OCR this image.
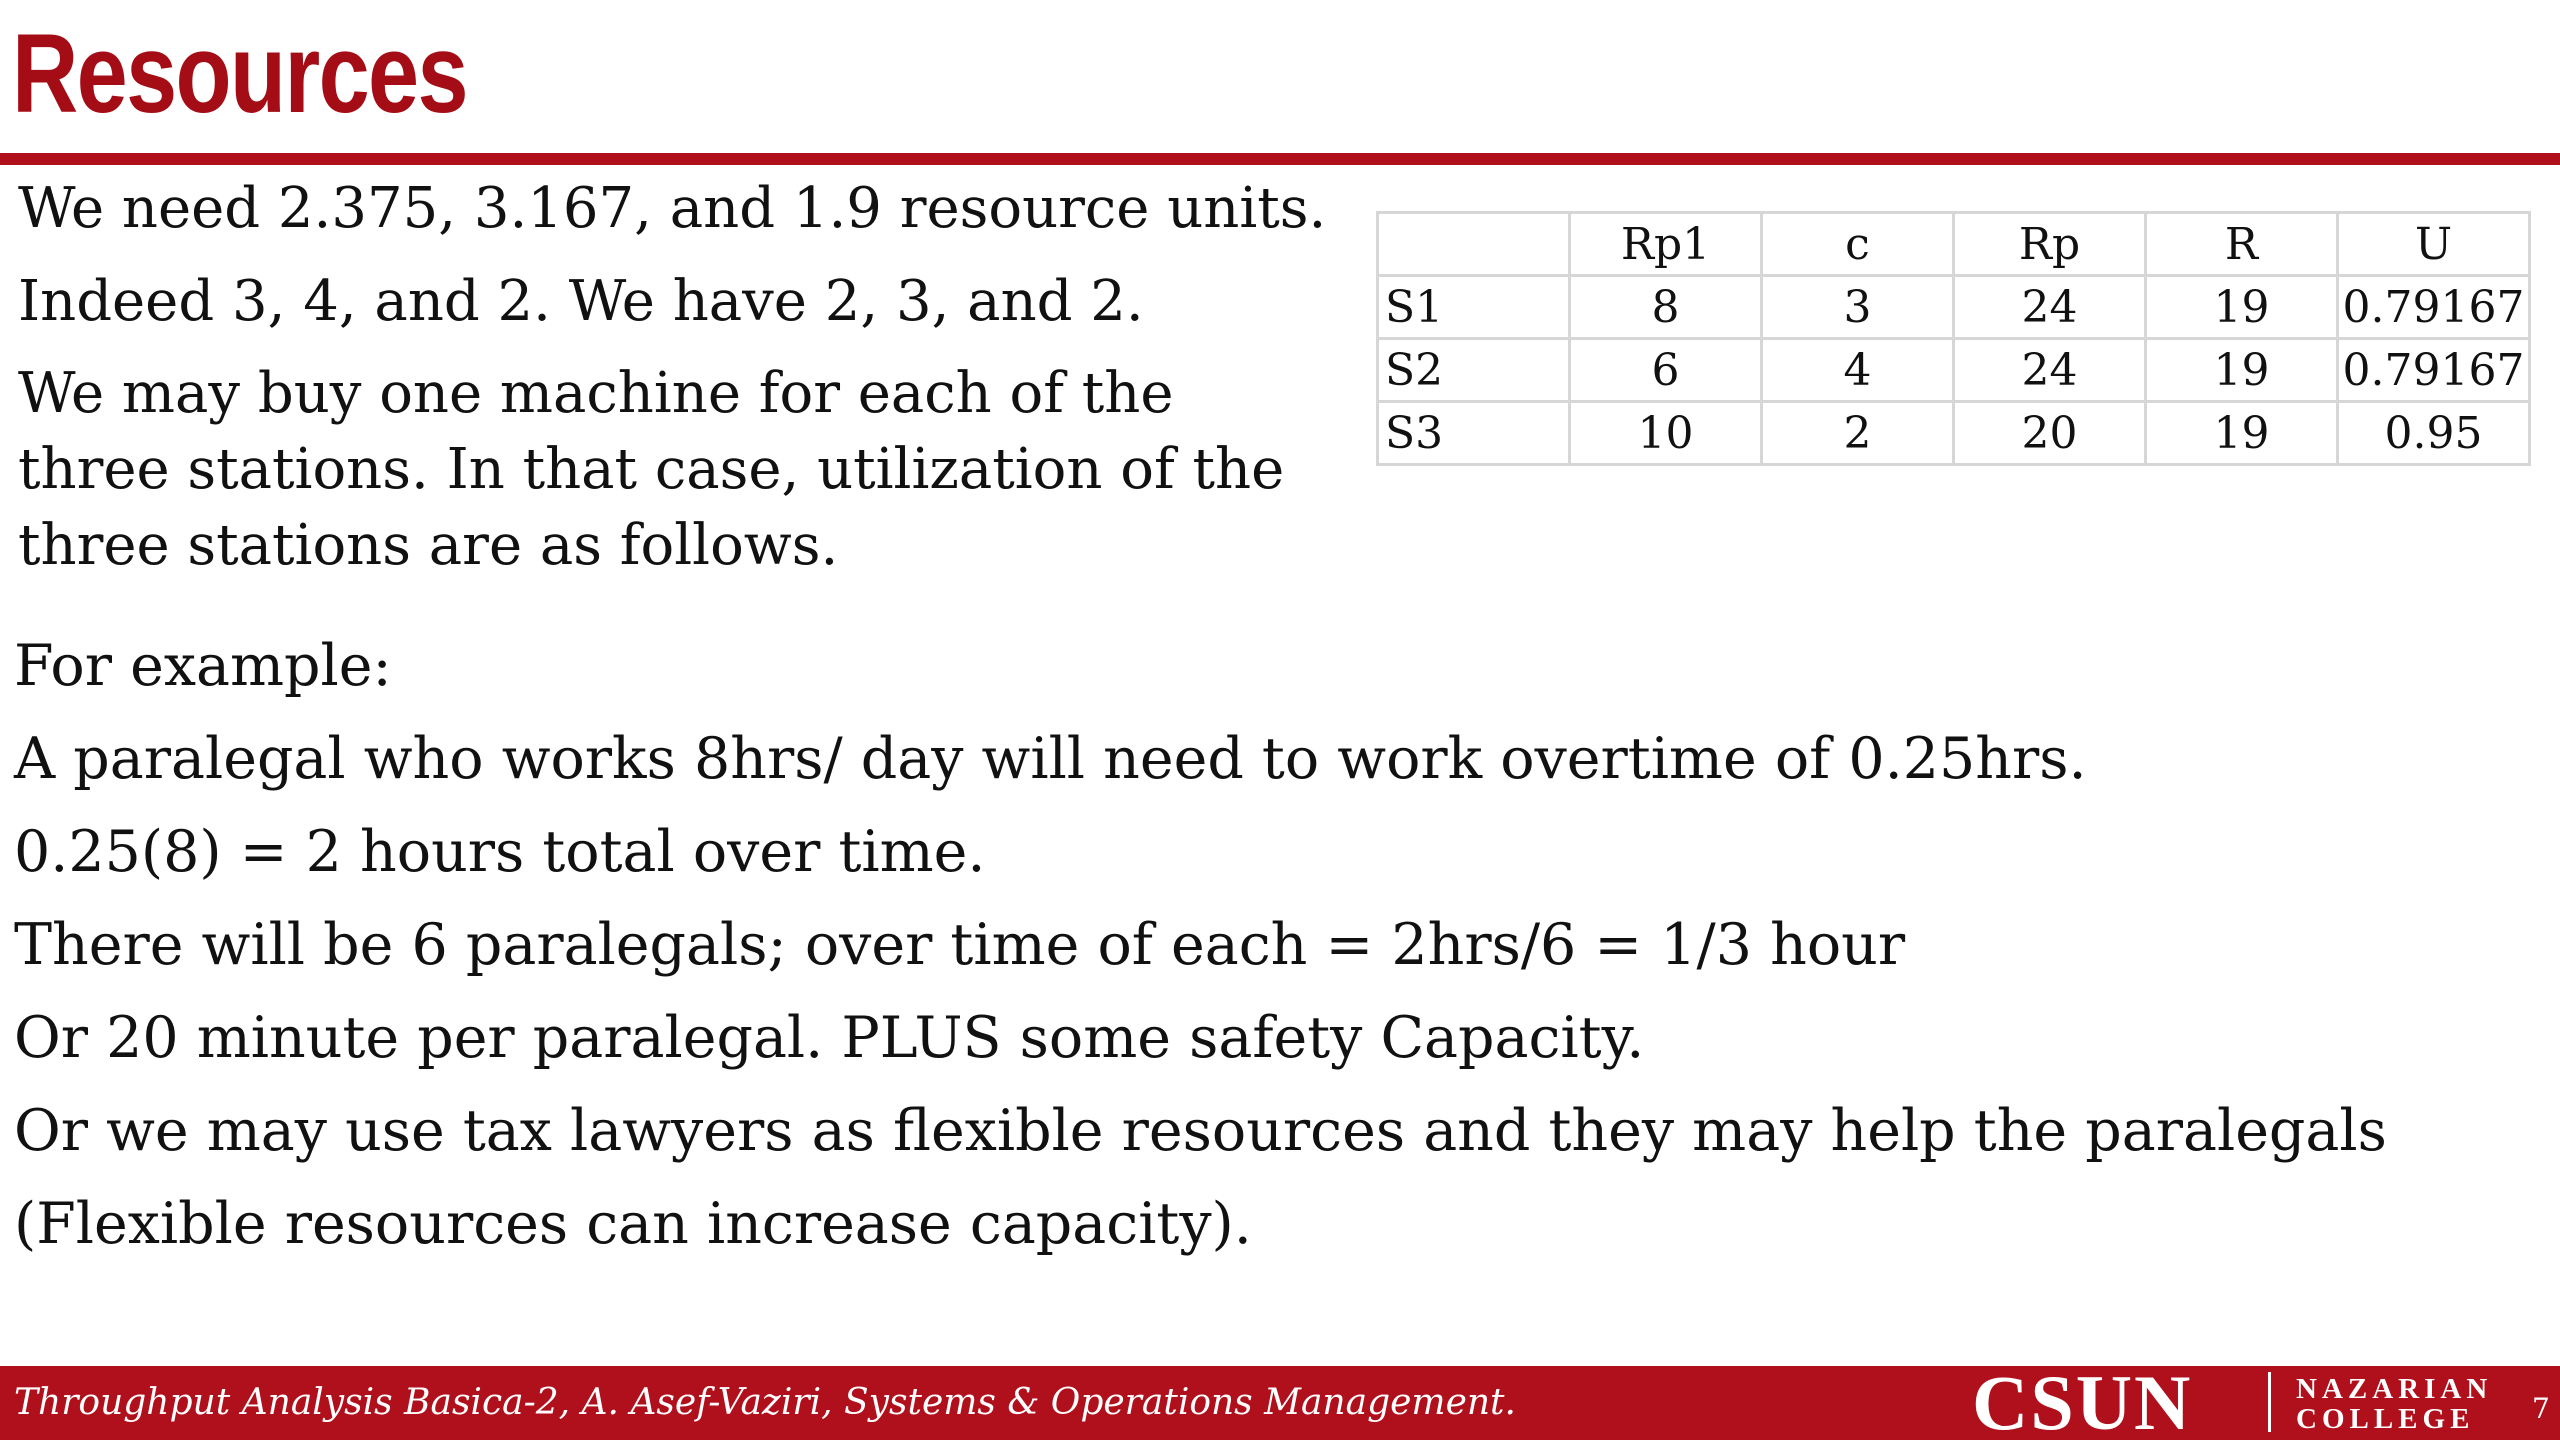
Resources

We need 2.375, 3.167, and 1.9 resource units.

Indeed 3, 4, and 2. We have 2, 3, and 2.

We may buy one machine for each of the three stations. In that case, utilization of the three stations are as follows.

	Rp1	c	Rp	R	U
S1	8	3	24	19	0.79167
S2	6	4	24	19	0.79167
S3	10	2	20	19	0.95

For example:

A paralegal who works 8hrs/ day will need to work overtime of 0.25hrs.

0.25(8) = 2 hours total over time.

There will be 6 paralegals; over time of each = 2hrs/6 = 1/3 hour

Or 20 minute per paralegal. PLUS some safety Capacity.

Or we may use tax lawyers as flexible resources and they may help the paralegals

(Flexible resources can increase capacity).

Throughput Analysis Basica-2, A. Asef-Vaziri, Systems & Operations Management.	CSUN	NAZARIAN
COLLEGE	7
